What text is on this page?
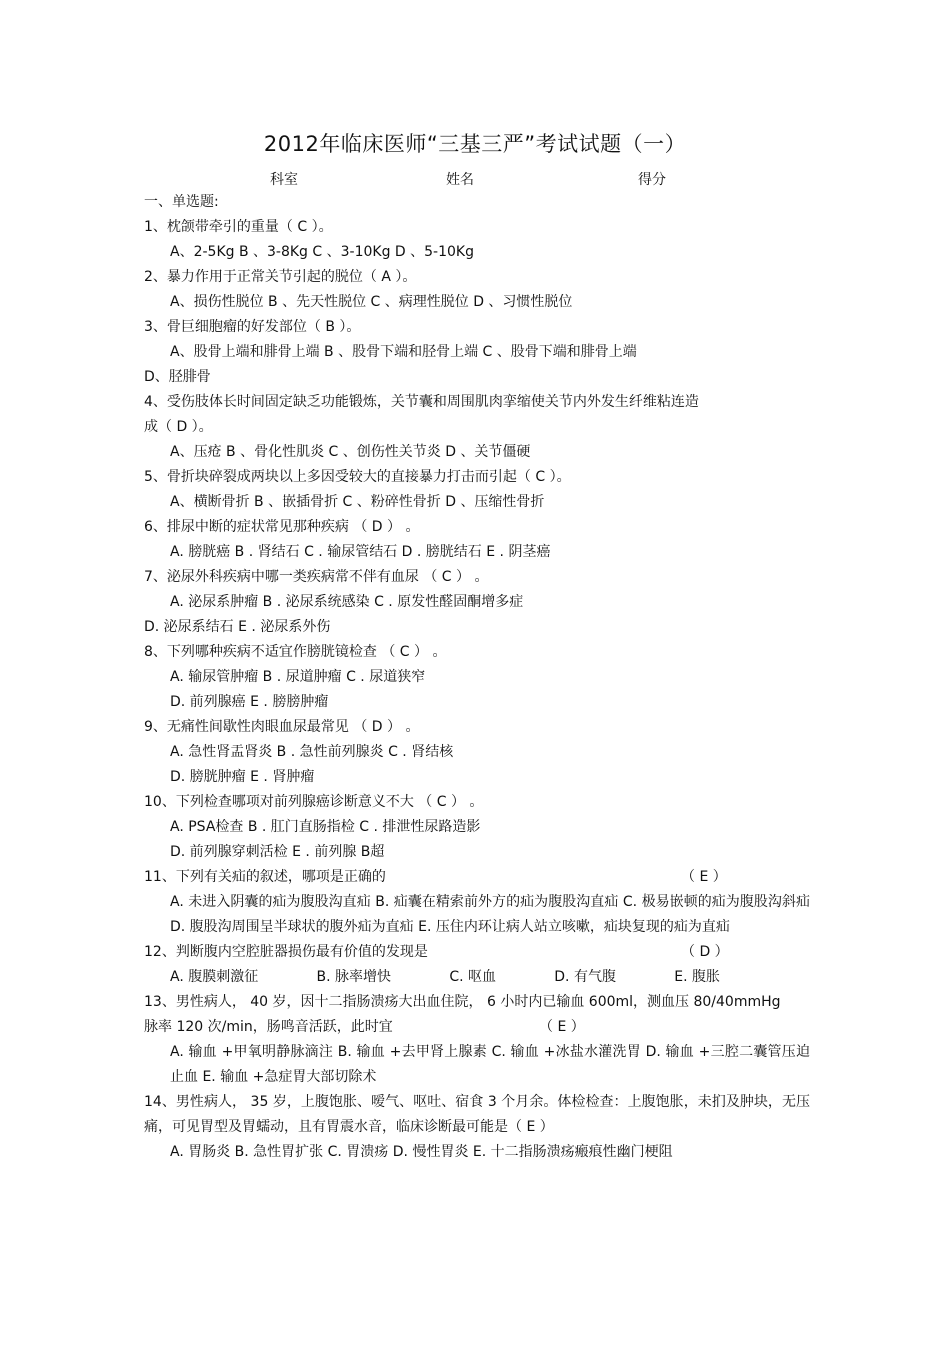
2012年临床医师“三基三严”考试试题（一）
科室	姓名	得分
一、单选题:
1、枕颌带牵引的重量（ C ）。
A、2-5Kg B 、3-8Kg C 、3-10Kg D 、5-10Kg
2、暴力作用于正常关节引起的脱位（ A ）。
A、损伤性脱位 B 、先天性脱位 C 、病理性脱位 D 、习惯性脱位
3、骨巨细胞瘤的好发部位（ B ）。
A、股骨上端和腓骨上端 B 、股骨下端和胫骨上端 C 、股骨下端和腓骨上端
D、胫腓骨
4、受伤肢体长时间固定缺乏功能锻炼，关节囊和周围肌肉挛缩使关节内外发生纤维粘连造
成（ D ）。
A、压疮 B 、骨化性肌炎 C 、创伤性关节炎 D 、关节僵硬
5、骨折块碎裂成两块以上多因受较大的直接暴力打击而引起（ C ）。
A、横断骨折 B 、嵌插骨折 C 、粉碎性骨折 D 、压缩性骨折
6、排尿中断的症状常见那种疾病 （ D ） 。
A. 膀胱癌 B . 肾结石 C . 输尿管结石 D . 膀胱结石 E . 阴茎癌
7、泌尿外科疾病中哪一类疾病常不伴有血尿 （ C ） 。
A. 泌尿系肿瘤 B . 泌尿系统感染 C . 原发性醛固酮增多症
D. 泌尿系结石 E . 泌尿系外伤
8、下列哪种疾病不适宜作膀胱镜检查 （ C ） 。
A. 输尿管肿瘤 B . 尿道肿瘤 C . 尿道狭窄
D. 前列腺癌 E . 膀膀肿瘤
9、无痛性间歇性肉眼血尿最常见 （ D ） 。
A. 急性肾盂肾炎 B . 急性前列腺炎 C . 肾结核
D. 膀胱肿瘤 E . 肾肿瘤
10、下列检查哪项对前列腺癌诊断意义不大 （ C ） 。
A. PSA检查 B . 肛门直肠指检 C . 排泄性尿路造影
D. 前列腺穿刺活检 E . 前列腺 B超
11、下列有关疝的叙述，哪项是正确的	（ E ）
A. 未进入阴囊的疝为腹股沟直疝 B. 疝囊在精索前外方的疝为腹股沟直疝 C. 极易嵌顿的疝为腹股沟斜疝 D. 腹股沟周围呈半球状的腹外疝为直疝 E. 压住内环让病人站立咳嗽，疝块复现的疝为直疝
12、判断腹内空腔脏器损伤最有价值的发现是	（ D ）
A. 腹膜刺激征	B. 脉率增快	C. 呕血	D. 有气腹	E. 腹胀
13、男性病人， 40 岁，因十二指肠溃疡大出血住院， 6 小时内已输血 600ml，测血压 80/40mmHg
脉率 120 次/min，肠鸣音活跃，此时宜	（ E ）
A. 输血 +甲氧明静脉滴注 B. 输血 +去甲肾上腺素 C. 输血 +冰盐水灌洗胃 D. 输血 +三腔二囊管压迫止血 E. 输血 +急症胃大部切除术
14、男性病人， 35 岁，上腹饱胀、嗳气、呕吐、宿食 3 个月余。体检检查：上腹饱胀，未扪及肿块，无压痛，可见胃型及胃蠕动，且有胃震水音，临床诊断最可能是（ E ）
A. 胃肠炎 B. 急性胃扩张 C. 胃溃疡 D. 慢性胃炎 E. 十二指肠溃疡瘢痕性幽门梗阻
